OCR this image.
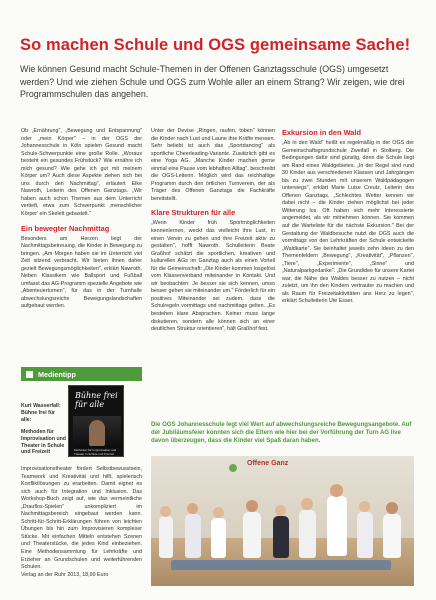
So machen Schule und OGS gemeinsame Sache!

Wie können Gesund macht Schule-Themen in der Offenen Ganztagsschule (OGS) umgesetzt werden? Und wie ziehen Schule und OGS zum Wohle aller an einem Strang? Wir zeigen, wie drei Programmschulen das angehen.

Ob „Ernährung", „Bewegung und Entspannung" oder „mein Körper" – in der OGS der Johannesschule in Köln spielen Gesund macht Schule-Schwerpunkte eine große Rolle. „Woraus besteht ein gesundes Frühstück? Wie ernähre ich mich gesund? Wie gehe ich gut mit meinem Körper um? Auch diese Aspekte ziehen sich bei uns durch den Nachmittag", erläutert Elke Nawroth, Leiterin des Offenen Ganztags. „Wir haben auch schon Themen aus dem Unterricht vertieft, etwa zum Schwerpunkt ‚menschlicher Körper' ein Skelett gebastelt."

Ein bewegter Nachmittag

Besonders am Herzen liegt der Nachmittagsbetreuung, die Kinder in Bewegung zu bringen. „Am Morgen haben sie im Unterricht viel Zeit sitzend verbracht. Wir bieten ihnen daher gezielt Bewegungsmöglichkeiten", erklärt Nawroth. Neben Klassikern wie Ballsport und Fußball umfasst das AG-Programm spezielle Angebote wie „Abenteuerturnen", für das in der Turnhalle abwechslungsreiche Bewegungslandschaften aufgebaut werden.

Unter der Devise „Ringen, raufen, toben" können die Kinder nach Lust und Laune ihre Kräfte messen. Sehr beliebt ist auch das „Sportdancing" als sportliche Cheerleading-Variante. Zusätzlich gibt es eine Yoga AG. „Manche Kinder machen gerne einmal eine Pause vom lebhaften Alltag", beschreibt die OGS-Leiterin. Möglich wird das reichhaltige Programm durch den örtlichen Turnverein, der als Träger des Offenen Ganztags die Fachkräfte bereitstellt.

Klare Strukturen für alle

„Wenn Kinder früh Sportmöglichkeiten kennenlernen, weckt das vielleicht ihre Lust, in einen Verein zu gehen und ihre Freizeit aktiv zu gestalten", hofft Nawroth. Schulleiterin Beate Graßhof schätzt die sportlichen, kreativen und kulturellen AGs im Ganztag auch als einen Vorteil für die Gemeinschaft: „Die Kinder kommen losgelöst vom Klassenverband miteinander in Kontakt. Und wir beobachten: Je besser sie sich kennen, umso besser gehen sie miteinander um." Förderlich für ein positives Miteinander sei zudem, dass die Schulregeln vormittags und nachmittags gelten. „Es bestehen klare Absprachen. Keiner muss lange diskutieren, sondern alle können sich an einer deutlichen Struktur orientieren", hält Graßhof fest.

Exkursion in den Wald

„Ab in den Wald" heißt es regelmäßig in der OGS der Gemeinschaftsgrundschule Zweifall in Stolberg. Die Bedingungen dafür sind günstig, denn die Schule liegt am Rand eines Waldgebietes. „In der Regel sind rund 30 Kinder aus verschiedenen Klassen und Jahrgängen bis zu zwei Stunden mit unserem Waldpädagogen unterwegs", erklärt Marie Luise Creutz, Leiterin des Offenen Ganztags. „Schlechtes Wetter kennen wir dabei nicht – die Kinder ziehen möglichst bei jeder Witterung los. Oft haben sich mehr Interessierte angemeldet, als wir mitnehmen können. Sie kommen auf die Warteliste für die nächste Exkursion." Bei der Gestaltung der Waldbesuche nutzt die OGS auch die vormittags von den Lehrkräften der Schule entwickelte „Waldkarte". Sie beinhaltet jeweils zehn Ideen zu den Themenfeldern „Bewegung", „Kreativität", „Pflanzen", „Tiere", „Experimente", „Sinne" und „Naturalparkgedanke". „Die Grundidee für unsere Kartei war, die Nähe des Waldes besser zu nutzen – nicht zuletzt, um ihn den Kindern vertrauter zu machen und als Raum für Freizeitaktivitäten ans Herz zu legen", erklärt Schulleiterin Ute Esser.

Medientipp
Bühne frei für alle
Methoden für Improvisation und Theater in Schule und Freizeit
Kurt Wasserfall:
Bühne frei für alle:
Methoden für Improvisation und Theater in Schule und Freizeit

Improvisationstheater fördert Selbstbewusstsein, Teamwork und Kreativität und hilft, spielerisch Konfliktlösungen zu erarbeiten. Damit eignet es sich auch für Integration und Inklusion. Das Workshop-Buch zeigt auf, wie das vermeintliche „Drauflos-Spielen" unkompliziert im Nachmittagsbereich eingebaut werden kann. Schritt-für-Schritt-Erklärungen führen von leichten Übungen bis hin zum Improvisieren komplexer Stücke. Mit einfachen Mitteln entstehen Szenen und Theaterstücke, die jedes Kind einbeziehen. Eine Methodensammlung für Lehrkräfte und Erzieher an Grundschulen und weiterführenden Schulen.

Verlag an der Ruhr 2013, 18,99 Euro

Die OGS Johannesschule legt viel Wert auf abwechslungsreiche Bewegungsangebote. Auf der Jubiläumsfeier konnten sich die Eltern wie hier bei der Vorführung der Turn AG live davon überzeugen, dass die Kinder viel Spaß daran haben.
Offene Ganz
